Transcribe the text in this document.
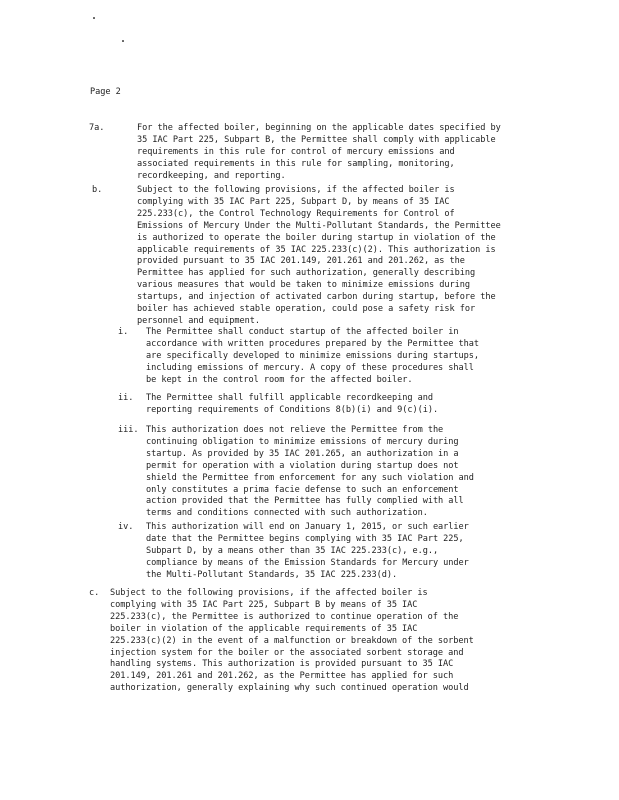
Page 2
7a.	For the affected boiler, beginning on the applicable dates specified by
35 IAC Part 225, Subpart B, the Permittee shall comply with applicable
requirements in this rule for control of mercury emissions and
associated requirements in this rule for sampling, monitoring,
recordkeeping, and reporting.
b.	Subject to the following provisions, if the affected boiler is
complying with 35 IAC Part 225, Subpart D, by means of 35 IAC
225.233(c), the Control Technology Requirements for Control of
Emissions of Mercury Under the Multi-Pollutant Standards, the Permittee
is authorized to operate the boiler during startup in violation of the
applicable requirements of 35 IAC 225.233(c)(2). This authorization is
provided pursuant to 35 IAC 201.149, 201.261 and 201.262, as the
Permittee has applied for such authorization, generally describing
various measures that would be taken to minimize emissions during
startups, and injection of activated carbon during startup, before the
boiler has achieved stable operation, could pose a safety risk for
personnel and equipment.
i. The Permittee shall conduct startup of the affected boiler in
accordance with written procedures prepared by the Permittee that
are specifically developed to minimize emissions during startups,
including emissions of mercury. A copy of these procedures shall
be kept in the control room for the affected boiler.
ii. The Permittee shall fulfill applicable recordkeeping and
reporting requirements of Conditions 8(b)(i) and 9(c)(i).
iii. This authorization does not relieve the Permittee from the
continuing obligation to minimize emissions of mercury during
startup. As provided by 35 IAC 201.265, an authorization in a
permit for operation with a violation during startup does not
shield the Permittee from enforcement for any such violation and
only constitutes a prima facie defense to such an enforcement
action provided that the Permittee has fully complied with all
terms and conditions connected with such authorization.
iv. This authorization will end on January 1, 2015, or such earlier
date that the Permittee begins complying with 35 IAC Part 225,
Subpart D, by a means other than 35 IAC 225.233(c), e.g.,
compliance by means of the Emission Standards for Mercury under
the Multi-Pollutant Standards, 35 IAC 225.233(d).
c. Subject to the following provisions, if the affected boiler is
complying with 35 IAC Part 225, Subpart B by means of 35 IAC
225.233(c), the Permittee is authorized to continue operation of the
boiler in violation of the applicable requirements of 35 IAC
225.233(c)(2) in the event of a malfunction or breakdown of the sorbent
injection system for the boiler or the associated sorbent storage and
handling systems. This authorization is provided pursuant to 35 IAC
201.149, 201.261 and 201.262, as the Permittee has applied for such
authorization, generally explaining why such continued operation would
